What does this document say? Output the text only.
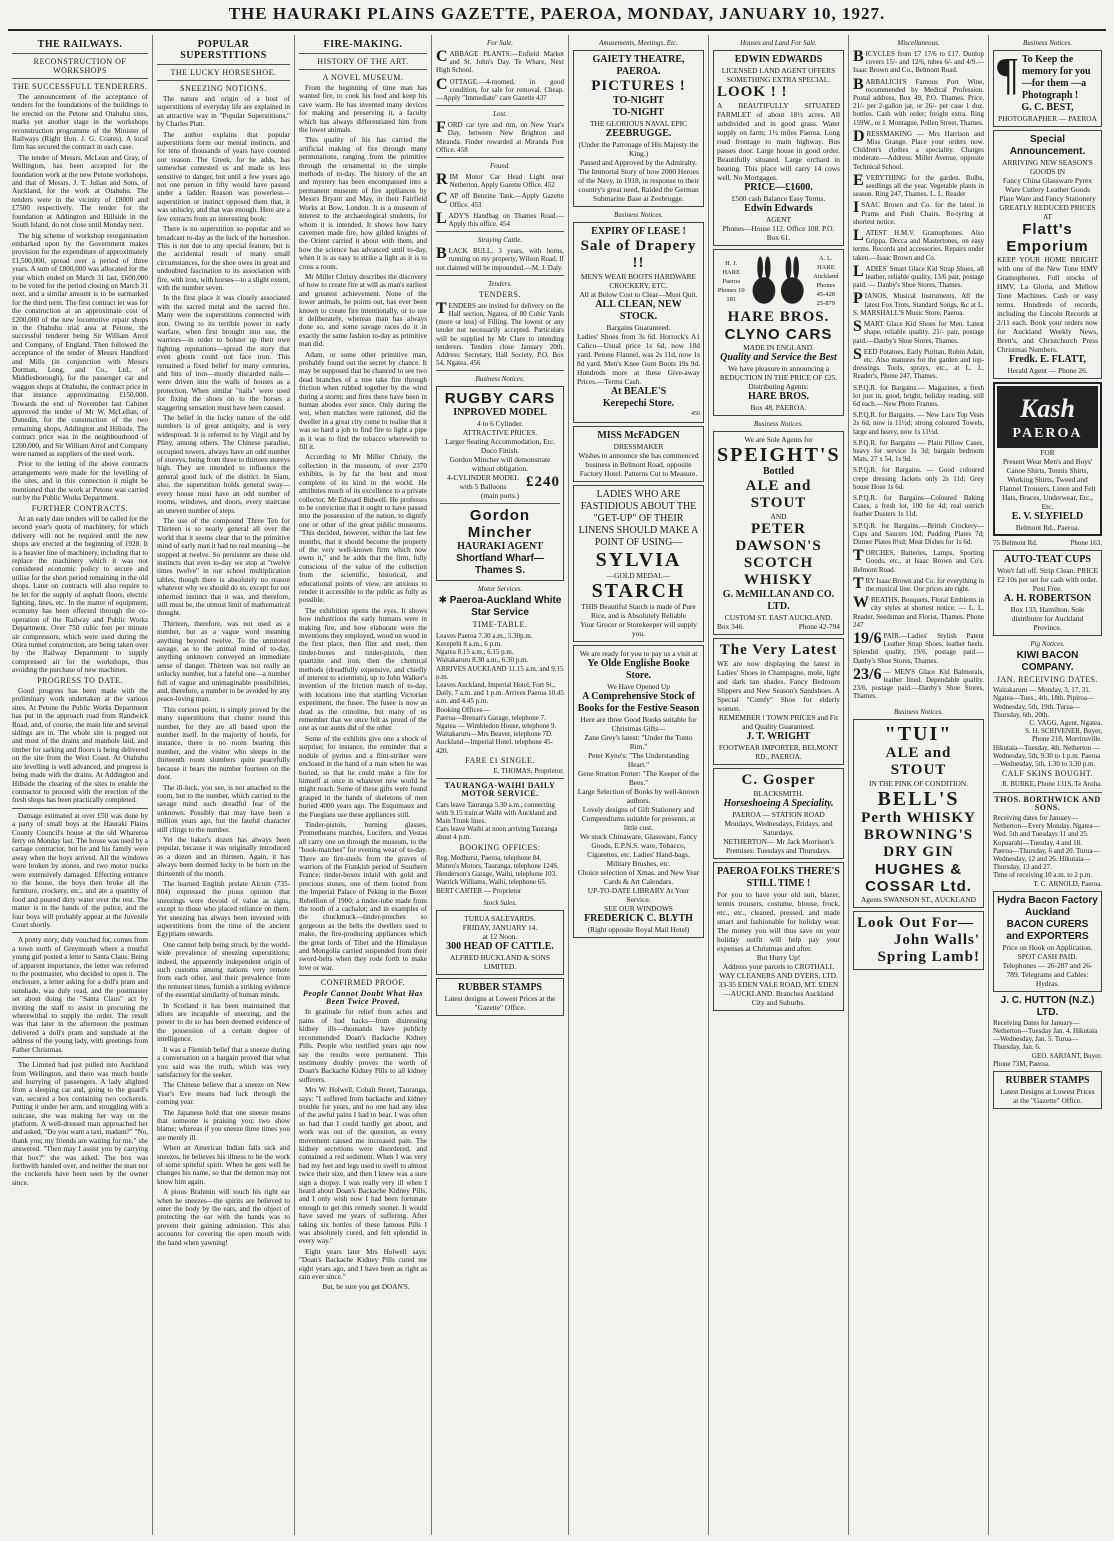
THE HAURAKI PLAINS GAZETTE, PAEROA, MONDAY, JANUARY 10, 1927.
THE RAILWAYS.
RECONSTRUCTION OF WORKSHOPS
THE SUCCESSFULL TENDERERS.

The announcement of the acceptance of tenders for the foundations of the buildings to be erected on the Petone and Otahuhu sites, marks yet another stage in the workshops reconstruction programme of the Minister of Railways (Right Hon. J. G. Coates). A local firm has secured the contract in each case.

The tender of Messrs. McLean and Gray, of Wellington, has been accepted for the foundation work at the new Petone workshops, and that of Messrs. J. T. Julian and Sons, of Auckland, for the work at Otahuhu. The tenders were in the vicinity of £8000 and £7500 respectively. The tender for the foundation at Addington and Hillside in the South Island, do not close until Monday next.

The big scheme of workshop reorganisation embarked upon by the Government makes provision for the expenditure of approximately £1,500,000, spread over a period of three years. A sum of £800,000 was allocated for the year which ended on March 31 last, £600,000 to be voted for the period closing on March 31 next, and a similar amount is to be earmarked for the third term. The first contract let was for the construction at an approximate cost of £200,000 of the new locomotive repair shops in the Otahuhu trial area at Petone, the successful tenderer being Sir William Arrol and Company, of England. Then followed the acceptance of the tender of Messrs Handford and Mills (in conjunction with Messrs Dorman, Long, and Co., Ltd., of Middlesborough), for the passenger car and waggon shops at Otahuhu, the contract price in that instance approximating £150,000. Towards the end of November last Cabinet approved the tender of Mr W. McLellan, of Dunedin, for the construction of the two remaining shops, Addington and Hillside. The contract price was in the neighbourhood of £200,000, and Sir William Arrol and Company were named as suppliers of the steel work.

Prior to the letting of the above contracts arrangements were made for the levelling of the sites, and in this connection it might be mentioned that the work at Petone was carried out by the Public Works Department.

FURTHER CONTRACTS.

At an early date tenders will be called for the second year's quota of machinery, for which delivery will not be required until the new shops are erected at the beginning of 1928. It is a heavier line of machinery, including that to replace the machinery which it was not considered economic policy to secure and utilise for the short period remaining in the old shops. Later on contracts will also require to be let for the supply of asphalt floors, electric lighting, lines, etc. In the matter of equipment, economy has been effected through the co-operation of the Railway and Public Works Department. Over 750 cubic feet per minute air compressors, which were used during the Otira tunnel construction, are being taken over by the Railway Department to supply compressed air for the workshops, thus avoiding the purchase of new machines.

PROGRESS TO DATE.

Good progress has been made with the preliminary work undertaken at the various sites. At Petone the Public Works Department has put in the approach road from Randwick Road, and, of course, the main line and several sidings are in. The whole site is pegged out and most of the drains and manhole laid, and timber for sarking and floors is being delivered on the site from the West Coast. At Otahuhu site levelling is well advanced, and progress is being made with the drains. At Addington and Hillside the clearing of the sites to enable the contractor to proceed with the erection of the fresh shops has been practically completed.

Damage estimated at over £50 was done by a party of small boys at the Hauraki Plains County Council's house at the old Whareroa ferry on Monday last. The house was used by a cartage contractor, but he and his family were away when the boys arrived. All the windows were broken by stones, and two motor trucks were extensively damaged. Effecting entrance to the house, the boys then broke all the furniture, crockery, etc., and ate a quantity of food and poured dirty water over the rest. The matter is in the hands of the police, and the four boys will probably appear at the Juvenile Court shortly.

A pretty story, duly vouched for, comes from a town north of Greymouth where a trustful young girl posted a letter to Santa Claus. Being of apparent importance, the letter was referred to the postmaster, who decided to open it. The enclosure, a letter asking for a doll's pram and sunshade, was duly read, and the postmaster set about doing the "Santa Claus" act by inviting the staff to assist in procuring the wherewithal to supply the order. The result was that later in the afternoon the postman delivered a doll's pram and sunshade at the address of the young lady, with greetings from Father Christmas.

The Limited had just pulled into Auckland from Wellington, and there was much bustle and hurrying of passengers. A lady alighted from a sleeping car and, going to the guard's van, secured a box containing two cockerels. Putting it under her arm, and struggling with a suitcase, she was making her way on the platform. A well-dressed man approached her and asked, "Do you want a taxi, madam?" "No, thank you; my friends are waiting for me," she answered. "Then may I assist you by carrying that box?" she was asked. The box was forthwith handed over, and neither the man nor the cockerels have been seen by the owner since.

POPULAR SUPERSTITIONS
THE LUCKY HORSESHOE.
SNEEZING NOTIONS.

The nature and origin of a host of superstitions of everyday life are explained in an attractive way in "Popular Superstitions," by Charles Platt.

The author explains that popular superstitions form our mental instincts, and for tens of thousands of years have counted our reason. The Greek, for he adds, has somewhat contested us and made us less sensitive to danger, but until a few years ago not one person in fifty would have passed under a ladder. Reason was powerless—superstition or instinct opposed them that, it was unlucky, and that was enough. Here are a few extracts from an interesting book:

There is no superstition so popular and so broadcast to-day as the luck of the horseshoe. This is not due to any special feature, but is the accidental result of many small circumstances, for the shoe owes its great and undoubted fascination to its association with fire, with iron, with horses—to a slight extent, with the number seven.

In the first place it was closely associated with the sacred metal and the sacred fire. Many were the superstitions connected with iron. Owing to its terrible power in early warfare, when first brought into use, the warriors—in order to bolster up their own fighting reputations—spread the story that even ghosts could not face iron. This remained a fixed belief for many centuries, and bits of iron—mostly discarded nails—were driven into the walls of houses as a protection. When similar "nails" were used for fixing the shoes on to the horses a staggering sensation must have been caused.

The belief in the lucky nature of the odd numbers is of great antiquity, and is very widespread. It is referred to by Virgil and by Pliny, among others. The Chinese paradise, occupied towers, always have an odd number of storeys, being from three to thirteen storeys high. They are intended to influence the general good luck of the district. In Siam, also, the superstition holds general sway—every house must have an odd number of rooms, windows, and doors, every staircase an uneven number of steps.

The use of the compound Three Ten for Thirteen is so nearly general all over the world that it seems clear that to the primitive mind of early man it had no real meaning—he stopped at twelve. So persistent are these old instincts that even to-day we stop at "twelve times twelve" in our school multiplication tables, though there is absolutely no reason whatever why we should do so, except for our inherited instinct that it was, and therefore, still must be, the utmost limit of mathematical thought.

Thirteen, therefore, was not used as a number, but as a vague word meaning anything beyond twelve. To the untutored savage, as to the animal mind of to-day, anything unknown conveyed an immediate sense of danger. Thirteen was not really an unlucky number, but a fateful one—a number full of vague and unimaginable possibilities, and, therefore, a number to be avoided by any peace-loving man.

This curious point, is simply proved by the many superstitions that cluster round this number, for they are all based upon the number itself. In the majority of hotels, for instance, there is no room bearing this number, and the visitor who sleeps in the thirteenth room slumbers quite peacefully because it bears the number fourteen on the door.

The ill-luck, you see, is not attached to the room, but to the number, which carried to the savage mind such dreadful fear of the unknown. Possibly that may have been a million years ago, but the fateful character still clings to the number.

Yet the baker's dozen has always been popular, because it was originally introduced as a dozen and an thirteen. Again, it has always been deemed lucky to be born on the thirteenth of the month.

The learned English prelate Alcuin (735-804) expressed the pious opinion that sneezings were devoid of value as signs, except to those who placed reliance on them. Yet sneezing has always been invested with superstitions from the time of the ancient Egyptians onwards.

One cannot help being struck by the world-wide prevalence of sneezing superstitions; indeed, the apparently independent origin of such customs among nations very remote from each other, and their prevalence from the remotest times, furnish a striking evidence of the essential similarity of human minds.

In Scotland it has been maintained that idiots are incapable of sneezing, and the power to do so has been deemed evidence of the possession of a certain degree of intelligence.

It was a Flemish belief that a sneeze during a conversation on a bargain proved that what you said was the truth, which was very satisfactory for the seeker.

The Chinese believe that a sneeze on New Year's Eve means bad luck through the coming year.

The Japanese hold that one sneeze means that someone is praising you; two show blame; whereas if you sneeze three times you are merely ill.

When an American Indian falls sick and sneezes, he believes his illness to be the work of some spiteful spirit. When he gets well he changes his name, so that the demon may not know him again.

A pious Brahmin will touch his right ear when he sneezes—the spirits are believed to enter the body by the ears, and the object of protecting the ear with the hands was to prevent their gaining admission. This also accounts for covering the open mouth with the hand when yawning!

FIRE-MAKING.
HISTORY OF THE ART.
A NOVEL MUSEUM.

From the beginning of time man has wanted fire, to cook his food and keep his cave warm. He has invented many devices for making and preserving it, a faculty which has always differentiated him from the lower animals.

This quality of his has carried the artificial making of fire through many permutations, ranging from the primitive through the ornamental to the simple methods of to-day. The history of the art and mystery has been encompassed into a permanent museum of fire appliances by Messrs Bryant and May, in their Fairfield Works at Bow, London. It is a museum of interest to the archaeological students, for whom it is intended. It shows how hairy cavemen made fire, how gilded knights of the Orient carried it about with them, and how the science has advanced until to-day, when it is as easy to strike a light as it is to cross a room.

Mr Miller Christy describes the discovery of how to create fire at will as man's earliest and greatest achievement. None of the lower animals, he points out, has ever been known to create fire intentionally, or to use it deliberately, whereas man has always done so, and some savage races do it in exactly the same fashion to-day as primitive man did.

Adam, or some other primitive man, probably found out the secret by chance. It may be supposed that he chanced to see two dead branches of a tree take fire through friction when rubbed together by the wind during a storm; and fires there have been in human abodes ever since. Only during the wet, when matches were rationed, did the dweller in a great city come to realise that it was so hard a job to find fire to light a pipe as it was to find the tobacco wherewith to fill it.

According to Mr Miller Christy, the collection in the museum, of over 2370 exhibits, is by far the best and most complete of its kind in the world. He attributes much of its excellence to a private collector, Mr Edward Bidwell. He professes to be conviction that it ought to have passed into the possession of the nation, to dignify one or other of the great public museums. "This decided, however, within the last few months, that it should become the property of the very well-known firm which now owns it," and he adds that the firm, fully conscious of the value of the collection from the scientific, historical, and educational points of view, are anxious to render it accessible to the public as fully as possible.

The exhibition opens the eyes. It shows how industrious the early humans were in making fire, and how elaborate were the inventions they employed, wood on wood in the first place, then flint and steel, then tinder-boxes and tinder-pistols, then quartzite and iron, then the chemical methods (dreadfully expensive, and chiefly of interest to scientists), up to John Walker's invention of the friction match of to-day, with locations into that startling Victorian experiment, the fusee. The fusee is now as dead as the crinoline, but many of us remember that we once felt as proud of the one as our aunts did of the other.

Some of the exhibits give one a shock of surprise; for instance, the reminder that a nodule of pyrites and a flint-striker were enclosed in the hand of a man when he was buried, so that he could make a fire for himself at once in whatever new world he might reach. Some of these gifts were found grasped in the hands of skeletons of men buried 4000 years ago. The Esquimaux and the Fuegians use these appliances still.

Tinder-pistols, burning glasses, Prometheans matches, Lucifers, and Vestas all carry one on through the museum, to the "book-matches" for evening wear of to-day. There are fire-steels from the graves of warriors of the Frankish period of Southern France; tinder-boxes inlaid with gold and precious stones, one of them looted from the Imperial Palace of Peking in the Boxer Rebellion of 1900; a tinder-tube made from the tooth of a cachalot; and in examples of the chuckmuck—tinder-pouches so gorgeous as the belts the dwellers used to make, the fire-producing appliances which the great lords of Tibet and the Himalayas and Mongolia carried suspended from their sword-belts when they rode forth to make love or war.

CONFIRMED PROOF.
People Cannot Doubt What Has Been Twice Proved.

In gratitude for relief from aches and pains of bad backs—from distressing kidney ills—thousands have publicly recommended Doan's Backache Kidney Pills. People who testified years ago now say the results were permanent. This testimony doubly proves the worth of Doan's Backache Kidney Pills to all kidney sufferers.

Mrs W. Holwell, Cobalt Street, Tauranga, says: "I suffered from backache and kidney trouble for years, and no one had any idea of the awful pains I had to bear. I was often so bad that I could hardly get about, and work was out of the question, as every movement caused me increased pain. The kidney secretions were disordered, and contained a red sediment. When I was very bad my feet and legs used to swell to almost twice their size, and then I knew was a sure sign a dropsy. I was really very ill when I heard about Doan's Backache Kidney Pills, and I only wish now I had been fortunate enough to get this remedy sooner. It would have saved me years of suffering. After taking six bottles of these famous Pills I was absolutely cured, and felt splendid in every way."

Eight years later Mrs Holwell says: "Doan's Backache Kidney Pills cured me eight years ago, and I have been as right as rain ever since."

But, be sure you get DOAN'S.

For Sale.
CABBAGE PLANTS.—Enfield Market and St. John's Day. Te Whare, Next High School.
COTTAGE.—4-roomed, in good condition, for sale for removal. Cheap.—Apply "Immediate" care Gazette 437
Lost.
FORD car tyre and rim, on New Year's Day, between New Brighton and Miranda. Finder rewarded at Miranda Post Office. 458
Found.
RIM Motor Car Head Light near Netherton. Apply Gazette Office. 452
CAP off Benzine Tank.—Apply Gazette Office. 453
LADY'S Handbag on Thames Road.—Apply this office. 454
Straying Cattle.
BLACK BULL, 3 years, with horns, running on my property, Wilson Road. If not claimed will be impounded.—M. J. Daly.
Tenders.
TENDERS.
TENDERS are invited for delivery on the Hall section, Ngatea, of 80 Cubic Yards (more or less) of Filling. The lowest or any tender not necessarily accepted. Particulars will be supplied by Mr Clare to intending tenderers. Tenders close January 20th. Address: Secretary, Hall Society, P.O. Box 54, Ngatea. 456
Business Notices.
RUGBY CARS
INPROVED MODEL
4 to 6 Cylinder.
ATTRACTIVE PRICES.
Larger Seating Accommodation, Etc. Duco Finish.
Gordon Mincher will demonstrate without obligation.
4-CYLINDER MODEL with 5 Balloons	£240
(main ports.)
Gordon Mincher
HAURAKI AGENT
Shortland Wharf—Thames S.
Motor Services.
✱ Paeroa-Auckland White Star Service
TIME-TABLE.
Leaves Paeroa 7.30 a.m., 5.30p.m.
Kerepehi 8 a.m., 6 p.m.
Ngatea 8.15 a.m., 6.15 p.m.
Waitakaruru 8.30 a.m., 6.30 p.m.
ARRIVES AUCKLAND 11.15 a.m. and 9.15 p.m.
Leaves Auckland, Imperial Hotel, Fort St., Daily, 7 a.m. and 1 p.m. Arrives Paeroa 10.45 a.m. and 4.45 p.m.
Booking Offices—
Paeroa—Brenan's Garage, telephone 7.
Ngatea — Wimbledon House, telephone 9.
Waitakaruru—Mrs Beaver, telephone 7D.
Auckland—Imperial Hotel, telephone 45-420.
FARE £1 SINGLE.
E. THOMAS, Proprietor.
TAURANGA-WAIHI DAILY MOTOR SERVICE.
Cars leave Tauranga 5.30 a.m., connecting with 9.15 train at Waihi with Auckland and Main Trunk lines.
Cars leave Waihi at noon arriving Tauranga about 4 p.m.
BOOKING OFFICES:
Reg. Medhurst, Paeroa, telephone 84. Munro's Motors, Tauranga, telephone 124S. Henderson's Garage, Waihi, telephone 103. Warrick Williams, Waihi, telephone 65.
BERT CARTER — Proprietor
Stock Sales.
TURUA SALEYARDS.
FRIDAY, JANUARY 14.
at 12 Noon.
300 HEAD OF CATTLE.
ALFRED BUCKLAND & SONS LIMITED.
RUBBER STAMPS
Latest designs at Lowest Prices at the "Gazette" Office.
Amusements, Meetings, Etc.
GAIETY THEATRE, PAEROA.
PICTURES !
TO-NIGHT
TO-NIGHT
THE GLORIOUS NAVAL EPIC
ZEEBRUGGE.
(Under the Patronage of His Majesty the King.)
Passed and Approved by the Admiralty.
The Immortal Story of how 2000 Heroes of the Navy, in 1918, in response to their country's great need, Raided the German Submarine Base at Zeebrugge.
Business Notices.
EXPIRY OF LEASE !
Sale of Drapery !!
MEN'S WEAR BOOTS HARDWARE CROCKERY, ETC.
All at Below Cost to Clear—Must Quit.
ALL CLEAN, NEW STOCK.
Bargains Guaranteed.
Ladies' Shoes from 3s 6d. Horrock's A1 Calico—Usual price 1s 6d, now 10d yard. Petone Flannel, was 2s 11d, now 1s 8d yard. Men's Knee Gum Boots 19s 9d. Hundreds more at these Give-away Prices.—Terms Cash.
At BEALE'S
Kerepechi Store.
450
MISS McFADGEN
DRESSMAKER
Wishes to announce she has commenced business in Belmont Road, opposite Factory Hotel. Patterns Cut to Measure.
LADIES WHO ARE FASTIDIOUS ABOUT THE "GET-UP" OF THEIR LINENS SHOULD MAKE A POINT OF USING—
SYLVIA
—GOLD MEDAL—
STARCH
THIS Beautiful Starch is made of Pure Rice, and is Absolutely Reliable
Your Grocer or Storekeeper will supply you.
We are ready for you to pay us a visit at
Ye Olde Englishe Booke Store.
We Have Opened Up
A Comprehensive Stock of Books for the Festive Season
Here are three Good Books suitable for Christmas Gifts—
Zane Grey's latest: "Under the Tonto Rim."
Peter Kyne's: "The Understanding Heart."
Gene Stratton Porter: "The Keeper of the Bees."
Large Selection of Books by well-known authors.
Lovely designs of Gift Stationery and Compendiums suitable for presents, at little cost.
We stock Chinaware, Glassware, Fancy Goods, E.P.N.S. ware, Tobacco, Cigarettes, etc. Ladies' Hand-bags. Military Brushes, etc.
Choice selection of Xmas. and New Year Cards & Art Calendars.
UP-TO-DATE LIBRARY At Your Service.
SEE OUR WINDOWS
FREDERICK C. BLYTH
(Right opposite Royal Mail Hotel)
Houses and Land For Sale.
EDWIN EDWARDS
LICENSED LAND AGENT OFFERS SOMETHING EXTRA SPECIAL.
LOOK ! !
A BEAUTIFULLY SITUATED FARMLET of about 18½ acres. All subdivided and in good grass. Water supply on farm; 1½ miles Paeroa. Long road frontage to main highway. Bus passes door. Large house in good order. Beautifully situated. Large orchard in bearing. This place will carry 14 cows well. No Mortgages.
PRICE—£1600.
£500 cash Balance Easy Terms.
Edwin Edwards
AGENT
Phones—House 112. Office 108. P.O. Box 61.
H. J. HARE Paeroa Phones 10 181
A. L. HARE Auckland Phones 45-428 25-879
HARE BROS.
CLYNO CARS
MADE IN ENGLAND.
Quality and Service the Best
We have pleasure in announcing a REDUCTION IN THE PRICE OF £25.
Distributing Agents:
HARE BROS.
Box 48, PAEROA.
Business Notices.
We are Sole Agents for
SPEIGHT'S
Bottled
ALE and STOUT
AND
PETER DAWSON'S
SCOTCH WHISKY
G. McMILLAN AND CO. LTD.
CUSTOM ST. EAST AUCKLAND.
Box 346.	Phone 42-794
The Very Latest
WE are now displaying the latest in Ladies' Shoes in Champagne, mole, light and dark tan shades. Fancy Bedroom Slippers and New Season's Sandshoes. A Special "Comfy" Shoe for elderly women.
REMEMBER ! TOWN PRICES and Fit and Quality Guaranteed.
J. T. WRIGHT
FOOTWEAR IMPORTER, BELMONT RD., PAEROA.
C. Gosper
BLACKSMITH.
Horseshoeing A Speciality.
PAEROA — STATION ROAD Mondays, Wednesdays, Fridays, and Saturdays.
NETHERTON— Mr Jack Morrison's Premises: Tuesdays and Thursdays.
PAEROA FOLKS THERE'S STILL TIME !
For you to have your old suit, blazer, tennis trousers, costume, blouse, frock, etc., etc., cleaned, pressed, and made smart and fashionable for holiday wear. The money you will thus save on your holiday outfit will help pay your expenses at Christmas and after.
But Hurry Up!
Address your parcels to CROTHALL WAY CLEANERS AND DYERS, LTD. 33-35 EDEN VALE ROAD, MT. EDEN—AUCKLAND. Branches Auckland City and Suburbs.
Miscellaneous.
BICYCLES from £7 17/6 to £17. Dunlop covers 15/- and 12/6, tubes 6/- and 4/9.—Isaac Brown and Co., Belmont Road.
BARBALICH'S Famous Port Wine, recommended by Medical Profession. Postal address, Box 49, P.O. Thames. Price, 21/- per 2-gallon jar, or 26/- per case 1 doz. bottles. Cash with order; freight extra. Ring 159W., or J. Montague, Pollen Street, Thames.
DRESSMAKING — Mrs Harrison and Miss Grange. Place your orders now. Children's clothes a speciality. Charges moderate.—Address: Miller Avenue, opposite Technical School.
EVERYTHING for the garden. Bulbs, seedlings all the year. Vegetable plants in season. Ring 247, Thames. L. L. Reader
ISAAC Brown and Co. for the latest in Prams and Push Chairs. Re-tyring at shortest notice.
LATEST H.M.V. Gramophones. Also Grippa, Decca and Mastertones, on easy terms. Records and accessories. Repairs under taken.—Isaac Brown and Co.
LADIES' Smart Glace Kid Strap Shoes, all leather, reliable quality, 13/6 pair, postage paid. — Danby's Shoe Stores, Thames.
PIANOS, Musical Instruments, All the latest Fox Trots, Standard Songs, &c at L. S. MARSHALL'S Music Store, Paeroa.
SMART Glace Kid Shoes for Men. Latest shape, reliable quality. 21/- pair, postage paid.—Danby's Shoe Stores, Thames.
SEED Potatoes, Early Puritan, Robin Adair, etc. Also manures for the garden and top-dressings. Tools, sprays, etc., at L. L. Reader's, Phone 247, Thames.
S.P.Q.R. for Bargains.— Magazines, a fresh lot just in, good, bright, holiday reading, still 6d each.—New Photo Frames.
S.P.Q.R. for Bargains. — New Lace Top Vests 2s 6d, now is 11½d; strong coloured Towels, large and heavy, now 1s 11½d.
S.P.Q.R. for Bargains — Plain Pillow Cases, heavy for service 1s 3d; bargain bedroom Mats, 27 x 54, 1s 9d.
S.P.Q.R. for Bargains. — Good coloured crepe dressing Jackets only 2s 11d; Grey house Hose 1s 6d.
S.P.Q.R. for Bargains—Coloured Baking Cases, a fresh lot, 100 for 4d; real ostrich feather Dusters 1s 11d.
S.P.Q.R. for Bargains.—British Crockery—Cups and Saucers 10d; Pudding Plates 7d; Dinner Plates 8½d; Meat Dishes for 1s 6d.
TORCHES, Batteries, Lamps, Sporting Goods, etc., at Isaac Brown and Co's. Belmont Road.
TRY Isaac Brown and Co. for everything in the musical line. Our prices are right.
WREATHS, Bouquets, Floral Emblems in city styles at shortest notice. — L. L. Reader, Seedsman and Florist, Thames. Phone 247
19/6 PAIR.—Ladies' Stylish Patent Leather Strap Shoes, leather heels. Splendid quality, 19/6, postage paid.—Danby's Shoe Stores, Thames.
23/6 — MEN'S Glace Kid Balmorals, leather lined. Dependable quality. 23/6, postage paid.—Danby's Shoe Stores, Thames.
Business Notices.
"TUI"
ALE and STOUT
IN THE PINK OF CONDITION.
BELL'S
Perth WHISKY
BROWNING'S DRY GIN
HUGHES & COSSAR Ltd.
Agents SWANSON ST., AUCKLAND
Look Out For—
John Walls' Spring Lamb!
Business Notices.
¶ To Keep the memory for you—for them —a Photograph !
G. C. BEST,
PHOTOGRAPHER — PAEROA
Special Announcement.
ARRIVING NEW SEASON'S GOODS IN
Fancy China Glassware Pyrex Ware Cutlery Leather Goods Plate Ware and Fancy Stationery
GREATLY REDUCED PRICES AT
Flatt's Emporium
KEEP YOUR HOME BRIGHT with one of the New Tone HMV Gramophones. Full stocks of HMV, La Gloria, and Mellow Tone Machines. Cash or easy terms. Hundreds of records, including the Lincoln Records at 2/11 each. Book your orders now for Auckland Weekly News, Brett's, and Christchurch Press Christmas Numbers.
Fredk. E. FLATT,
Herald Agent — Phone 26.
Kash
PAEROA
FOR
Present Wear Men's and Boys' Canoe Shirts, Tennis Shirts, Working Shirts, Tweed and Flannel Trousers, Linen and Felt Hats, Braces, Underwear, Etc., Etc.
E. V. SLYFIELD
Belmont Rd., Paeroa.
75 Belmont Rd.	Phone 163.
AUTO-TEAT CUPS
Won't fall off. Strip Clean. PRICE £2 10s per set for cash with order. Post Free.
A. H. ROBERTSON
Box 133, Hamilton. Sole distributor for Auckland Province.
Pig Notices.
KIWI BACON COMPANY.
JAN. RECEIVING DATES.
Waitakaruru — Monday, 3, 17, 31. Ngatea—Tues., 4th, 18th. Pipiroa—Wednesday, 5th, 19th. Turua—Thursday, 6th, 20th.
C. VAGG, Agent, Ngatea.
S. H. SCRIVENER, Buyer,
Phone 218, Morrinsville.
Hikutaia—Tuesday, 4th. Netherton — Wednesday, 5th, 9.30 to 1 p.m. Paeroa—Wednesday, 5th, 1.30 to 3.30 p.m.
CALF SKINS BOUGHT.
R. BURKE, Phone 131S, Te Aroha.
THOS. BORTHWICK AND SONS.
Receiving dates for January— Netherton—Every Monday. Ngatea—Wed. 5th and Tuesdays 11 and 25. Kopuarahi—Tuesday, 4 and 18. Paeroa—Thursday, 6 and 20. Turua—Wednesday, 12 and 26. Hikutaia—Thursday, 13 and 27.
Time of receiving 10 a.m. to 2 p.m.
T. C. ARNOLD, Paeroa.
Hydra Bacon Factory Auckland
BACON CURERS and EXPORTERS
Price on Hook on Application.
SPOT CASH PAID.
Telephones — 26-287 and 26-789. Telegrams and Cables: Hydras.
J. C. HUTTON (N.Z.) LTD.
Receiving Dates for January— Netherton—Tuesday Jan. 4. Hikutaia—Wednesday, Jan. 5. Turua—Thursday, Jan. 6.
GEO. SARJANT, Buyer.
Phone 73M, Paeroa.
RUBBER STAMPS
Latest Designs at Lowest Prices at the "Gazette" Office.
